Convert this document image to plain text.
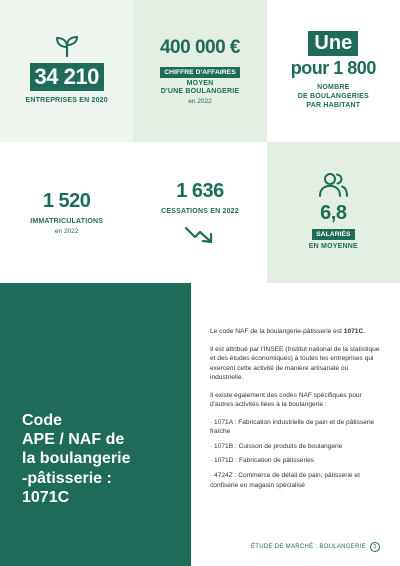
34 210
ENTREPRISES EN 2020
400 000 €
CHIFFRE D'AFFAIRES
MOYEN
D'UNE BOULANGERIE
en 2022
Une
pour 1 800
NOMBRE
DE BOULANGERIES
PAR HABITANT
1 520
IMMATRICULATIONS
en 2022
1 636
CESSATIONS EN 2022	6,8
SALARIÉS
EN MOYENNE
Code
APE / NAF de
la boulangerie
-pâtisserie :
1071C

Le code NAF de la boulangerie-pâtisserie est 1071C.

Il est attribué par l'INSEE (Institut national de la statistique et des études économiques) à toutes les entreprises qui exercent cette activité de manière artisanale ou industrielle.

Il existe également des codes NAF spécifiques pour d'autres activités liées à la boulangerie :

· 1071A : Fabrication industrielle de pain et de pâtisserie fraîche
· 1071B : Cuisson de produits de boulangerie
· 1071D : Fabrication de pâtisseries
· 4724Z : Commerce de détail de pain, pâtisserie et confiserie en magasin spécialisé
ÉTUDE DE MARCHÉ : BOULANGERIE	3
